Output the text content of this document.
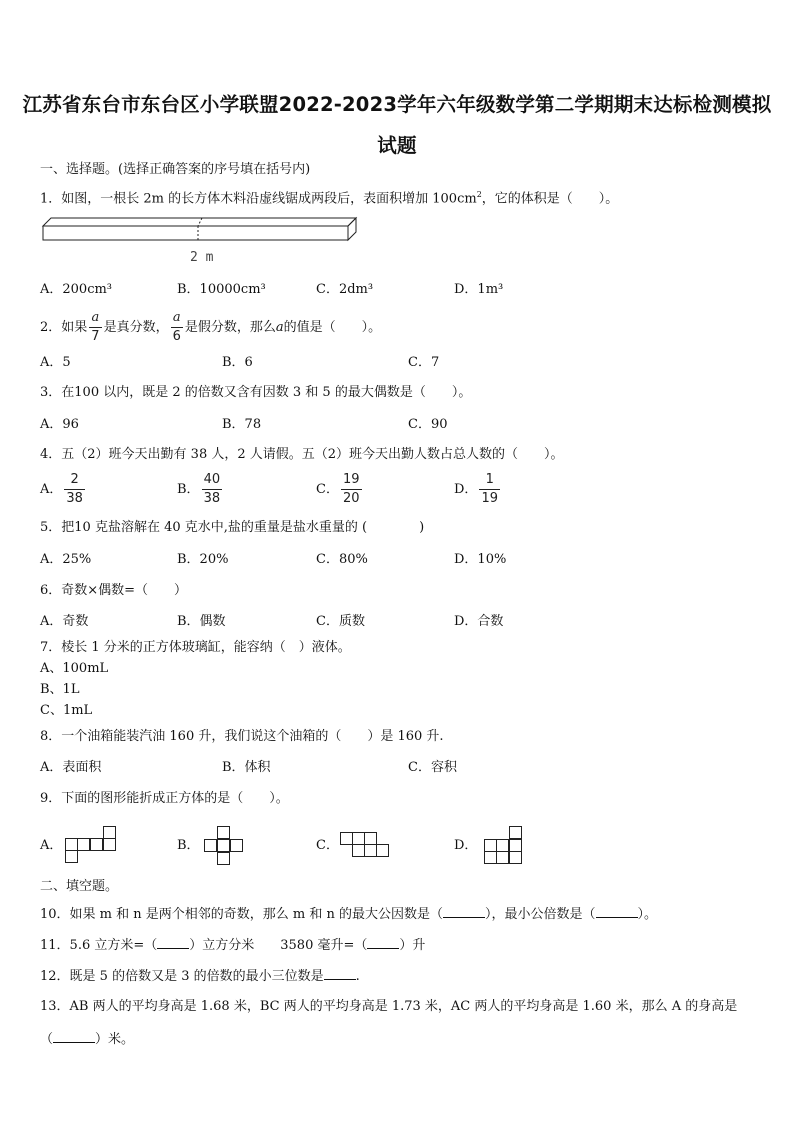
江苏省东台市东台区小学联盟2022-2023学年六年级数学第二学期期末达标检测模拟
试题
一、选择题。(选择正确答案的序号填在括号内)
1．如图，一根长 2m 的长方体木料沿虚线锯成两段后，表面积增加 $100cm^2$，它的体积是（　　）。
2 m
A．200cm³	B．10000cm³	C．2dm³	D．1m³
2．如果 $\frac{a}{7}$ 是真分数， $\frac{a}{6}$ 是假分数，那么 a 的值是（　　）。
A．5	B．6	C．7
3．在100 以内，既是 2 的倍数又含有因数 3 和 5 的最大偶数是（　　）。
A．96	B．78	C．90
4．五（2）班今天出勤有 38 人，2 人请假。五（2）班今天出勤人数占总人数的（　　）。
A． $\frac{2}{38}$	B． $\frac{40}{38}$	C． $\frac{19}{20}$	D． $\frac{1}{19}$
5．把10 克盐溶解在 40 克水中,盐的重量是盐水重量的 (　　　　)
A．25%	B．20%	C．80%	D．10%
6．奇数×偶数=（　　）
A．奇数	B．偶数	C．质数	D．合数
7．棱长 1 分米的正方体玻璃缸，能容纳（　）液体。
A、100mL
B、1L
C、1mL
8．一个油箱能装汽油 160 升，我们说这个油箱的（　　）是 160 升.
A．表面积	B．体积	C．容积
9．下面的图形能折成正方体的是（　　）。
A．	B．	C．	D．
二、填空题。
10．如果 m 和 n 是两个相邻的奇数，那么 m 和 n 的最大公因数是（	），最小公倍数是（	）。
11．5.6 立方米=（ ）立方分米　　3580 毫升=（ ）升
12．既是 5 的倍数又是 3 的倍数的最小三位数是 .
13．AB 两人的平均身高是 1.68 米，BC 两人的平均身高是 1.73 米，AC 两人的平均身高是 1.60 米，那么 A 的身高是
（	）米。
